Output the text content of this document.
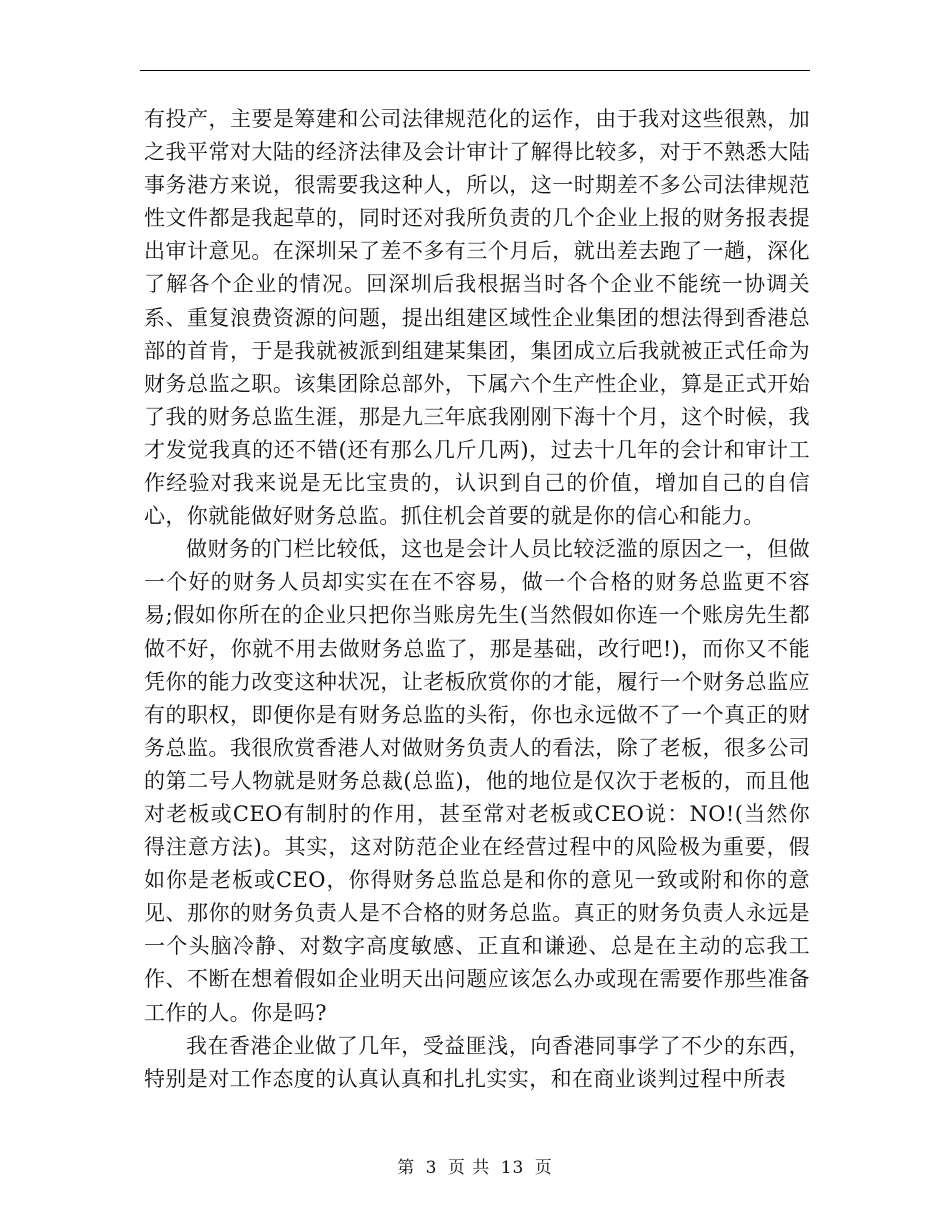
有投产，主要是筹建和公司法律规范化的运作，由于我对这些很熟，加之我平常对大陆的经济法律及会计审计了解得比较多，对于不熟悉大陆事务港方来说，很需要我这种人，所以，这一时期差不多公司法律规范性文件都是我起草的，同时还对我所负责的几个企业上报的财务报表提出审计意见。在深圳呆了差不多有三个月后，就出差去跑了一趟，深化了解各个企业的情况。回深圳后我根据当时各个企业不能统一协调关系、重复浪费资源的问题，提出组建区域性企业集团的想法得到香港总部的首肯，于是我就被派到组建某集团，集团成立后我就被正式任命为财务总监之职。该集团除总部外，下属六个生产性企业，算是正式开始了我的财务总监生涯，那是九三年底我刚刚下海十个月，这个时候，我才发觉我真的还不错(还有那么几斤几两)，过去十几年的会计和审计工作经验对我来说是无比宝贵的，认识到自己的价值，增加自己的自信心，你就能做好财务总监。抓住机会首要的就是你的信心和能力。

做财务的门栏比较低，这也是会计人员比较泛滥的原因之一，但做一个好的财务人员却实实在在不容易，做一个合格的财务总监更不容易;假如你所在的企业只把你当账房先生(当然假如你连一个账房先生都做不好，你就不用去做财务总监了，那是基础，改行吧!)，而你又不能凭你的能力改变这种状况，让老板欣赏你的才能，履行一个财务总监应有的职权，即便你是有财务总监的头衔，你也永远做不了一个真正的财务总监。我很欣赏香港人对做财务负责人的看法，除了老板，很多公司的第二号人物就是财务总裁(总监)，他的地位是仅次于老板的，而且他对老板或CEO有制肘的作用，甚至常对老板或CEO说：NO!(当然你得注意方法)。其实，这对防范企业在经营过程中的风险极为重要，假如你是老板或CEO，你得财务总监总是和你的意见一致或附和你的意见、那你的财务负责人是不合格的财务总监。真正的财务负责人永远是一个头脑冷静、对数字高度敏感、正直和谦逊、总是在主动的忘我工作、不断在想着假如企业明天出问题应该怎么办或现在需要作那些准备工作的人。你是吗?

我在香港企业做了几年，受益匪浅，向香港同事学了不少的东西，特别是对工作态度的认真认真和扎扎实实，和在商业谈判过程中所表

第 3 页 共 13 页
